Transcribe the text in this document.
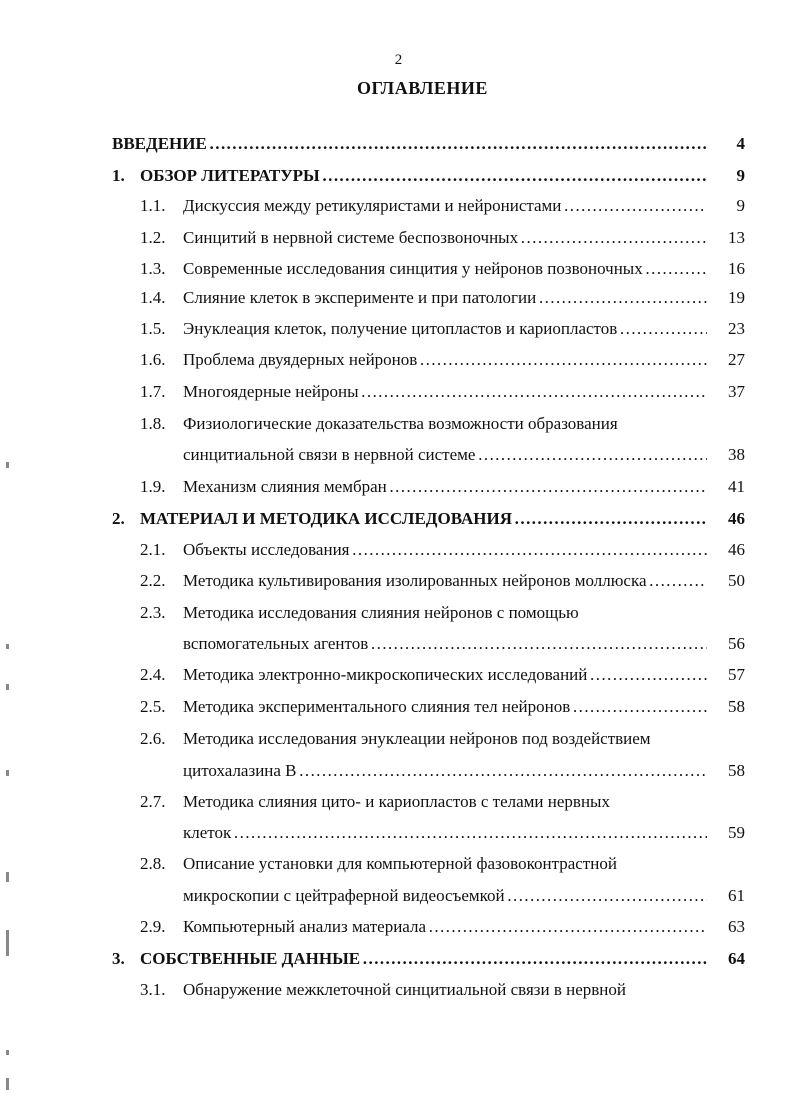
2
ОГЛАВЛЕНИЕ
ВВЕДЕНИЕ ……………………………………………………………………………………………………………………………………………………	4
1. ОБЗОР ЛИТЕРАТУРЫ ……………………………………………………………………………………………………………………………………………………	9
1.1.	Дискуссия между ретикуляристами и нейронистами ……………………………………………………………………………………………………………………………………………………	9
1.2.	Синцитий в нервной системе беспозвоночных ……………………………………………………………………………………………………………………………………………………	13
1.3.	Современные исследования синцития у нейронов позвоночных ……………………………………………………………………………………………………………………………………………………	16
1.4.	Слияние клеток в эксперименте и при патологии ……………………………………………………………………………………………………………………………………………………	19
1.5.	Энуклеация клеток, получение цитопластов и кариопластов ……………………………………………………………………………………………………………………………………………………	23
1.6.	Проблема двуядерных нейронов ……………………………………………………………………………………………………………………………………………………	27
1.7.	Многоядерные нейроны ……………………………………………………………………………………………………………………………………………………	37
1.8.	Физиологические доказательства возможности образования
синцитиальной связи в нервной системе ……………………………………………………………………………………………………………………………………………………	38
1.9.	Механизм слияния мембран ……………………………………………………………………………………………………………………………………………………	41
2. МАТЕРИАЛ И МЕТОДИКА ИССЛЕДОВАНИЯ ……………………………………………………………………………………………………………………………………………………	46
2.1.	Объекты исследования ……………………………………………………………………………………………………………………………………………………	46
2.2.	Методика культивирования изолированных нейронов моллюска ……………………………………………………………………………………………………………………………………………………	50
2.3.	Методика исследования слияния нейронов с помощью
вспомогательных агентов ……………………………………………………………………………………………………………………………………………………	56
2.4.	Методика электронно-микроскопических исследований ……………………………………………………………………………………………………………………………………………………	57
2.5.	Методика экспериментального слияния тел нейронов ……………………………………………………………………………………………………………………………………………………	58
2.6.	Методика исследования энуклеации нейронов под воздействием
цитохалазина B ……………………………………………………………………………………………………………………………………………………	58
2.7.	Методика слияния цито- и кариопластов с телами нервных
клеток ……………………………………………………………………………………………………………………………………………………	59
2.8.	Описание установки для компьютерной фазовоконтрастной
микроскопии с цейтраферной видеосъемкой ……………………………………………………………………………………………………………………………………………………	61
2.9.	Компьютерный анализ материала ……………………………………………………………………………………………………………………………………………………	63
3. СОБСТВЕННЫЕ ДАННЫЕ ……………………………………………………………………………………………………………………………………………………	64
3.1.	Обнаружение межклеточной синцитиальной связи в нервной
